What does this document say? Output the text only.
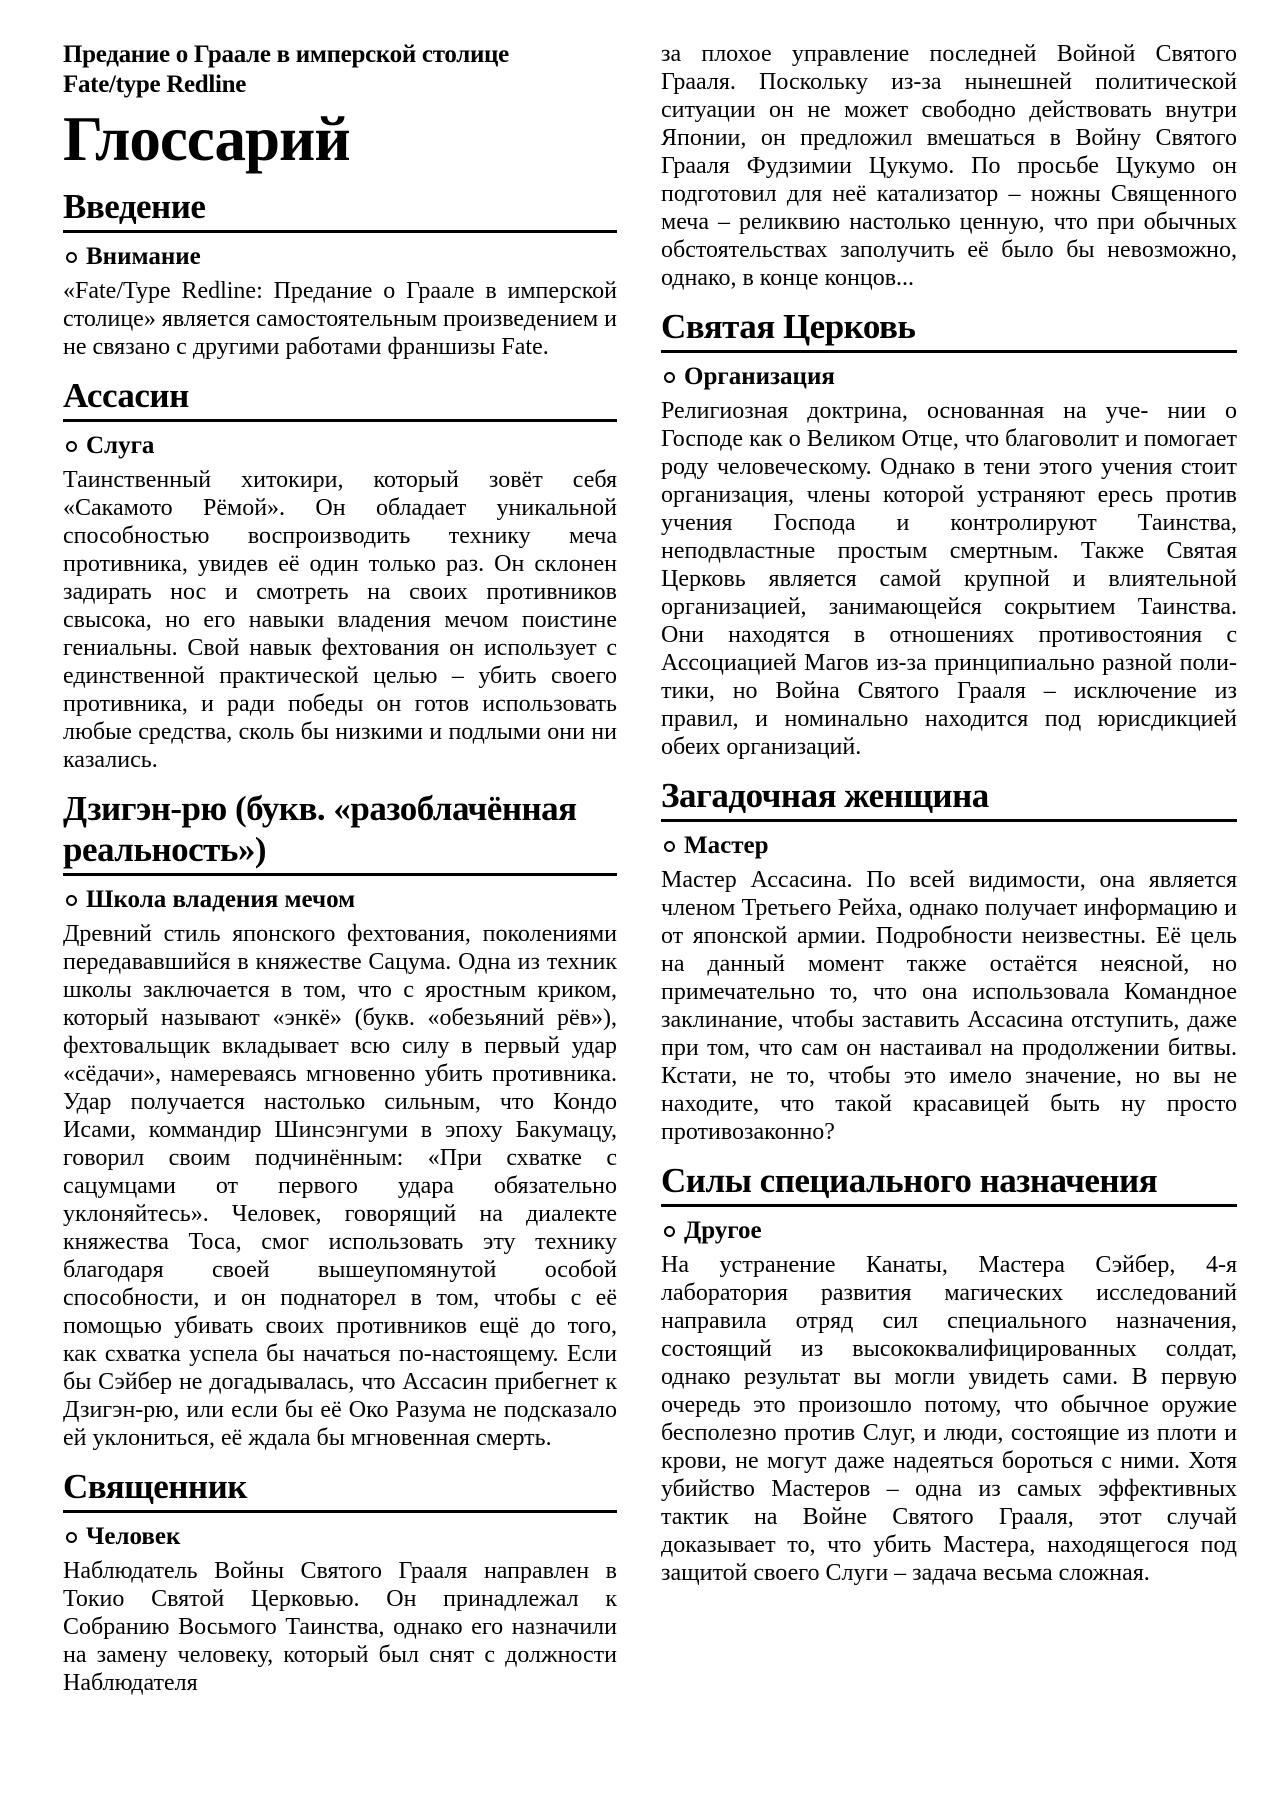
Предание о Граале в имперской столице
Fate/type Redline
Глоссарий
Введение
Внимание

«Fate/Type Redline: Предание о Граале в имперской столице» является самостоятельным произведением и не связано с другими работами франшизы Fate.

Ассасин
Слуга

Таинственный хитокири, который зовёт себя «Сакамото Рёмой». Он обладает уникальной способностью воспроизводить технику меча противника, увидев её один только раз. Он склонен задирать нос и смотреть на своих противников свысока, но его навыки владения мечом поистине гениальны. Свой навык фехтования он использует с единственной практической целью – убить своего противника, и ради победы он готов использовать любые средства, сколь бы низкими и подлыми они ни казались.

Дзигэн-рю (букв. «разоблачённая реальность»)
Школа владения мечом

Древний стиль японского фехтования, поколениями передававшийся в княжестве Сацума. Одна из техник школы заключается в том, что с яростным криком, который называют «энкё» (букв. «обезьяний рёв»), фехтовальщик вкладывает всю силу в первый удар «сёдачи», намереваясь мгновенно убить противника. Удар получается настолько сильным, что Кондо Исами, коммандир Шинсэнгуми в эпоху Бакумацу, говорил своим подчинённым: «При схватке с сацумцами от первого удара обязательно уклоняйтесь». Человек, говорящий на диалекте княжества Тоса, смог использовать эту технику благодаря своей вышеупомянутой особой способности, и он поднаторел в том, чтобы с её помощью убивать своих противников ещё до того, как схватка успела бы начаться по-настоящему. Если бы Сэйбер не догадывалась, что Ассасин прибегнет к Дзигэн-рю, или если бы её Око Разума не подсказало ей уклониться, её ждала бы мгновенная смерть.

Священник
Человек

Наблюдатель Войны Святого Грааля направлен в Токио Святой Церковью. Он принадлежал к Собранию Восьмого Таинства, однако его назначили на замену человеку, который был снят с должности Наблюдателя

за плохое управление последней Войной Святого Грааля. Поскольку из-за нынешней политической ситуации он не может свободно действовать внутри Японии, он предложил вмешаться в Войну Святого Грааля Фудзимии Цукумо. По просьбе Цукумо он подготовил для неё катализатор – ножны Священного меча – реликвию настолько ценную, что при обычных обстоятельствах заполучить её было бы невозможно, однако, в конце концов...

Святая Церковь
Организация

Религиозная доктрина, основанная на уче- нии о Господе как о Великом Отце, что благоволит и помогает роду человеческому. Однако в тени этого учения стоит организация, члены которой устраняют ересь против учения Господа и контролируют Таинства, неподвластные простым смертным. Также Святая Церковь является самой крупной и влиятельной организацией, занимающейся сокрытием Таинства. Они находятся в отношениях противостояния с Ассоциацией Магов из-за принципиально разной поли- тики, но Война Святого Грааля – исключение из правил, и номинально находится под юрисдикцией обеих организаций.

Загадочная женщина
Мастер

Мастер Ассасина. По всей видимости, она является членом Третьего Рейха, однако получает информацию и от японской армии. Подробности неизвестны. Её цель на данный момент также остаётся неясной, но примечательно то, что она использовала Командное заклинание, чтобы заставить Ассасина отступить, даже при том, что сам он настаивал на продолжении битвы. Кстати, не то, чтобы это имело значение, но вы не находите, что такой красавицей быть ну просто противозаконно?

Силы специального назначения
Другое

На устранение Канаты, Мастера Сэйбер, 4-я лаборатория развития магических исследований направила отряд сил специального назначения, состоящий из высококвалифицированных солдат, однако результат вы могли увидеть сами. В первую очередь это произошло потому, что обычное оружие бесполезно против Слуг, и люди, состоящие из плоти и крови, не могут даже надеяться бороться с ними. Хотя убийство Мастеров – одна из самых эффективных тактик на Войне Святого Грааля, этот случай доказывает то, что убить Мастера, находящегося под защитой своего Слуги – задача весьма сложная.
